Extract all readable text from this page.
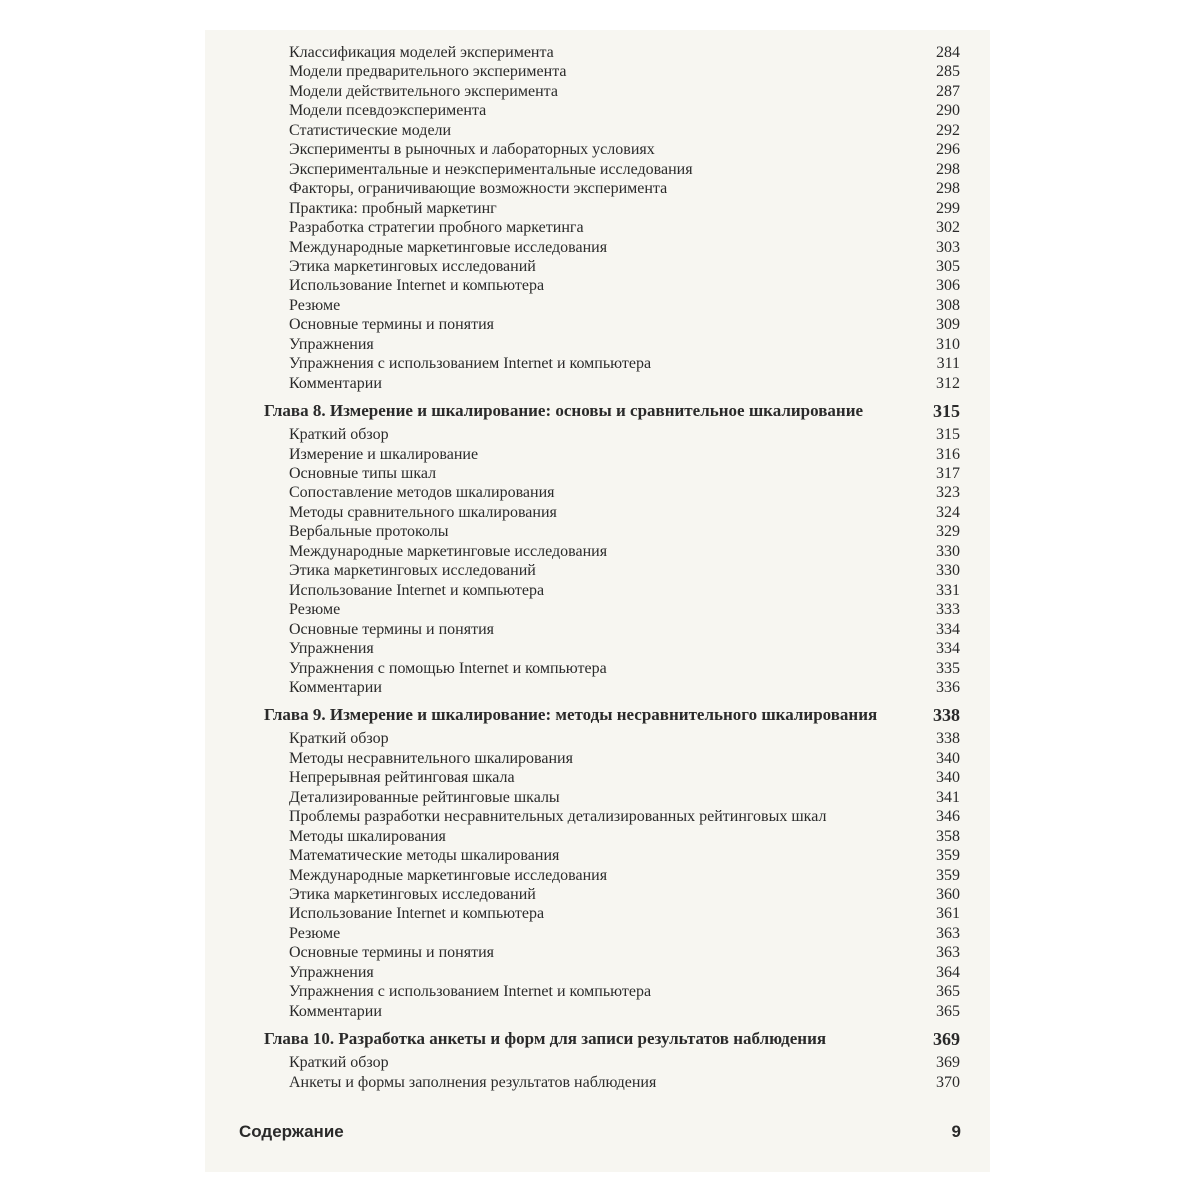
Классификация моделей эксперимента	284
Модели предварительного эксперимента	285
Модели действительного эксперимента	287
Модели псевдоэксперимента	290
Статистические модели	292
Эксперименты в рыночных и лабораторных условиях	296
Экспериментальные и неэкспериментальные исследования	298
Факторы, ограничивающие возможности эксперимента	298
Практика: пробный маркетинг	299
Разработка стратегии пробного маркетинга	302
Международные маркетинговые исследования	303
Этика маркетинговых исследований	305
Использование Internet и компьютера	306
Резюме	308
Основные термины и понятия	309
Упражнения	310
Упражнения с использованием Internet и компьютера	311
Комментарии	312
Глава 8. Измерение и шкалирование: основы и сравнительное шкалирование	315
Краткий обзор	315
Измерение и шкалирование	316
Основные типы шкал	317
Сопоставление методов шкалирования	323
Методы сравнительного шкалирования	324
Вербальные протоколы	329
Международные маркетинговые исследования	330
Этика маркетинговых исследований	330
Использование Internet и компьютера	331
Резюме	333
Основные термины и понятия	334
Упражнения	334
Упражнения с помощью Internet и компьютера	335
Комментарии	336
Глава 9. Измерение и шкалирование: методы несравнительного шкалирования	338
Краткий обзор	338
Методы несравнительного шкалирования	340
Непрерывная рейтинговая шкала	340
Детализированные рейтинговые шкалы	341
Проблемы разработки несравнительных детализированных рейтинговых шкал	346
Методы шкалирования	358
Математические методы шкалирования	359
Международные маркетинговые исследования	359
Этика маркетинговых исследований	360
Использование Internet и компьютера	361
Резюме	363
Основные термины и понятия	363
Упражнения	364
Упражнения с использованием Internet и компьютера	365
Комментарии	365
Глава 10. Разработка анкеты и форм для записи результатов наблюдения	369
Краткий обзор	369
Анкеты и формы заполнения результатов наблюдения	370
Содержание	9
